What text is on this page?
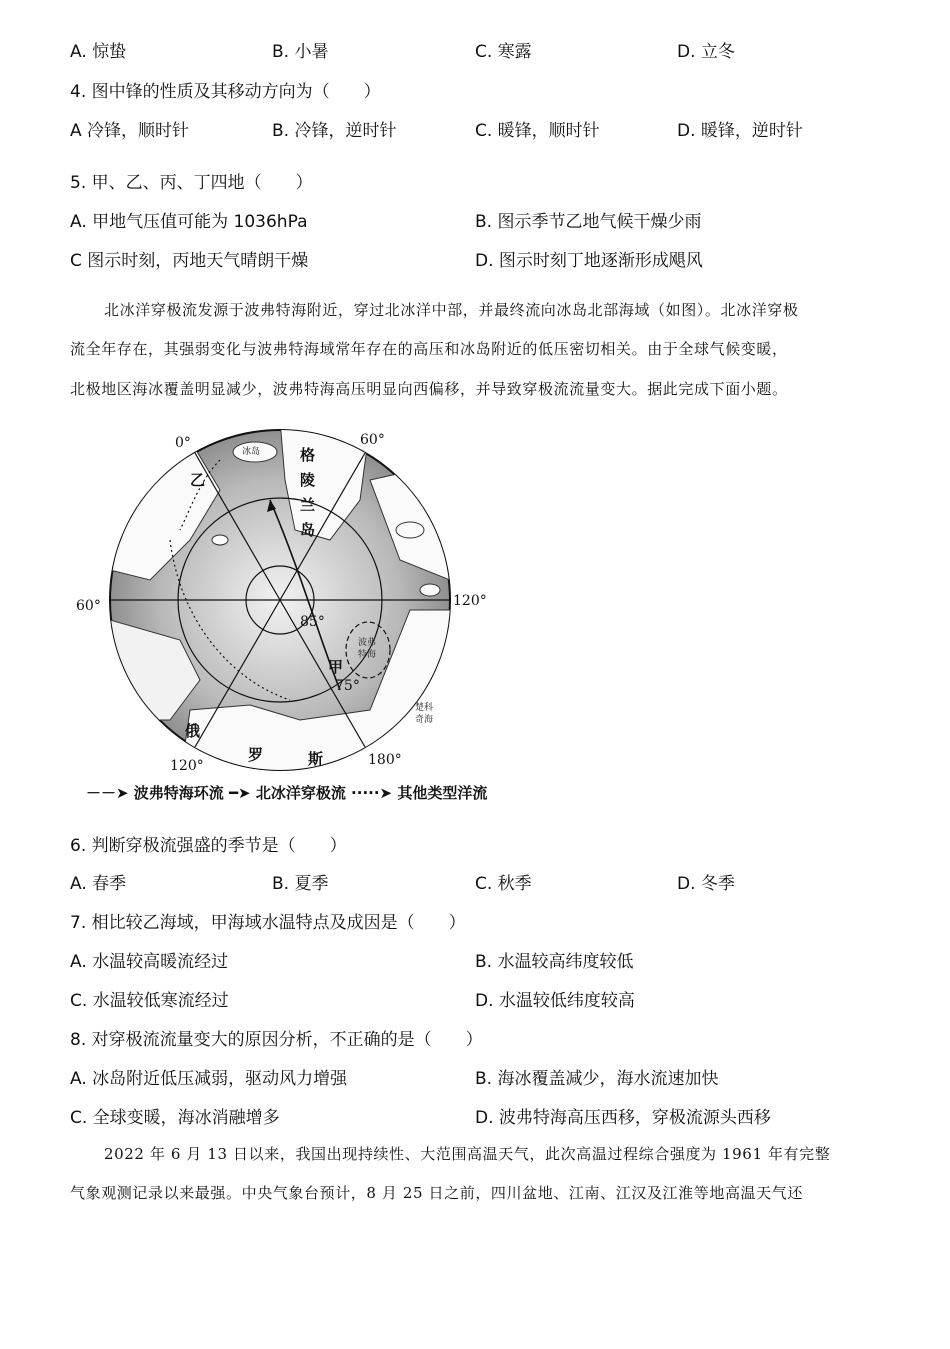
A. 惊蛰	B. 小暑	C. 寒露	D. 立冬
4. 图中锋的性质及其移动方向为（　　）
A 冷锋，顺时针	B. 冷锋，逆时针	C. 暖锋，顺时针	D. 暖锋，逆时针
5. 甲、乙、丙、丁四地（　　）
A. 甲地气压值可能为 1036hPa	B. 图示季节乙地气候干燥少雨
C 图示时刻，丙地天气晴朗干燥	D. 图示时刻丁地逐渐形成飓风
北冰洋穿极流发源于波弗特海附近，穿过北冰洋中部，并最终流向冰岛北部海域（如图）。北冰洋穿极
流全年存在，其强弱变化与波弗特海域常年存在的高压和冰岛附近的低压密切相关。由于全球气候变暖，
北极地区海冰覆盖明显减少，波弗特海高压明显向西偏移，并导致穿极流流量变大。据此完成下面小题。
0°	60°
120°
180°
120°
60°
85°
75°
甲
乙
格
陵
兰
岛
俄
罗	斯
冰岛
波弗
特海
楚科
奇海
－－➤ 波弗特海环流 ━➤ 北冰洋穿极流 ·····➤ 其他类型洋流
6. 判断穿极流强盛的季节是（　　）
A. 春季	B. 夏季	C. 秋季	D. 冬季
7. 相比较乙海域，甲海域水温特点及成因是（　　）
A. 水温较高暖流经过	B. 水温较高纬度较低
C. 水温较低寒流经过	D. 水温较低纬度较高
8. 对穿极流流量变大的原因分析，不正确的是（　　）
A. 冰岛附近低压减弱，驱动风力增强	B. 海冰覆盖减少，海水流速加快
C. 全球变暖，海冰消融增多	D. 波弗特海高压西移，穿极流源头西移
2022 年 6 月 13 日以来，我国出现持续性、大范围高温天气，此次高温过程综合强度为 1961 年有完整
气象观测记录以来最强。中央气象台预计，8 月 25 日之前，四川盆地、江南、江汉及江淮等地高温天气还
